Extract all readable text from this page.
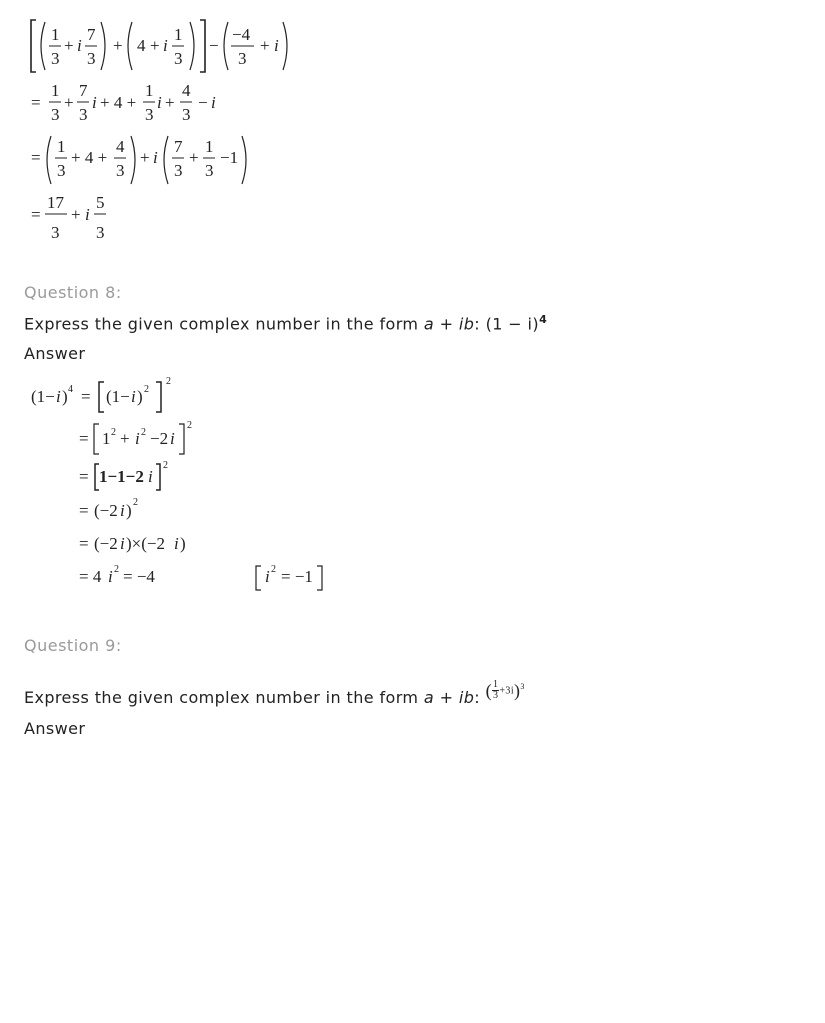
1
3
+ i
7
3
+ 4 + i
1
3
−
−4
3
+ i
=
1
3
+
7
3
i + 4 +
1
3
i +
4
3
− i
=
1
3
+ 4 +
4
3
+ i
7
3
+
1
3
−1
=
17
3
+ i
5
3
Question 8:
Express the given complex number in the form a + ib: $(1 - i)^4$
Answer
(1− i ) 4 = (1− i ) 2
2
= 1 2 + i 2 −2 i
2
= 1−1−2 i
2
= (−2 i ) 2
= (−2 i )×(−2 i )
= 4 i 2 = −4	i 2 = −1
Question 9:
Express the given complex number in the form a + ib: ( $\frac{1}{3} +3i)^3$
Answer
